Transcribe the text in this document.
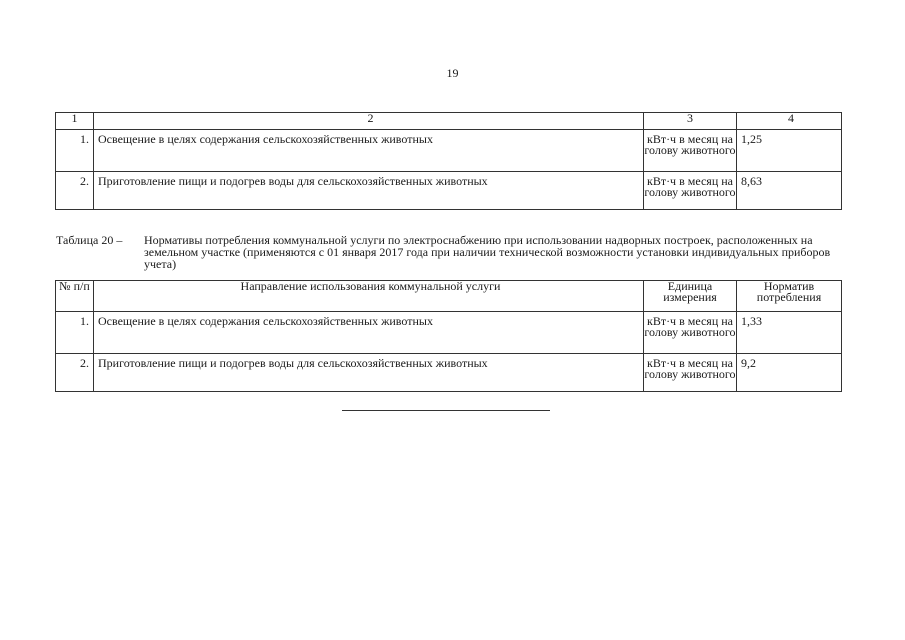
19
1	2	3	4
1.	Освещение в целях содержания сельскохозяйственных животных	кВт·ч в месяц на голову животного	1,25
2.	Приготовление пищи и подогрев воды для сельскохозяйственных животных	кВт·ч в месяц на голову животного	8,63
Таблица 20 – Нормативы потребления коммунальной услуги по электроснабжению при использовании надворных построек, расположенных на земельном участке (применяются с 01 января 2017 года при наличии технической возможности установки индивидуальных приборов учета)
№ п/п	Направление использования коммунальной услуги	Единица измерения	Норматив потребления
1.	Освещение в целях содержания сельскохозяйственных животных	кВт·ч в месяц на голову животного	1,33
2.	Приготовление пищи и подогрев воды для сельскохозяйственных животных	кВт·ч в месяц на голову животного	9,2
